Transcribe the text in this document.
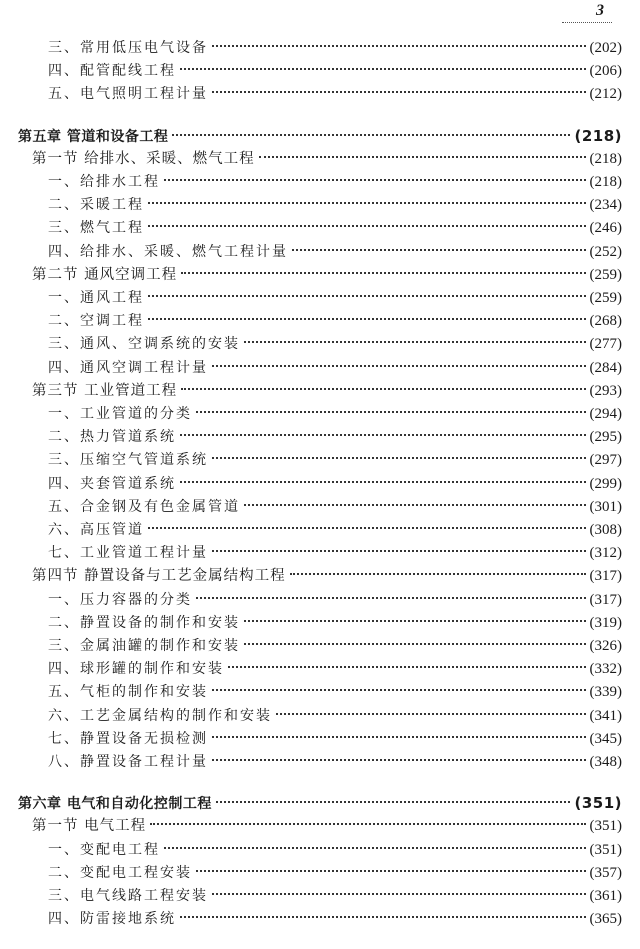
3
三、常用低压电气设备	(202)
四、配管配线工程	(206)
五、电气照明工程计量	(212)
第五章 管道和设备工程	(218)
第一节 给排水、采暖、燃气工程	(218)
一、给排水工程	(218)
二、采暖工程	(234)
三、燃气工程	(246)
四、给排水、采暖、燃气工程计量	(252)
第二节 通风空调工程	(259)
一、通风工程	(259)
二、空调工程	(268)
三、通风、空调系统的安装	(277)
四、通风空调工程计量	(284)
第三节 工业管道工程	(293)
一、工业管道的分类	(294)
二、热力管道系统	(295)
三、压缩空气管道系统	(297)
四、夹套管道系统	(299)
五、合金钢及有色金属管道	(301)
六、高压管道	(308)
七、工业管道工程计量	(312)
第四节 静置设备与工艺金属结构工程	(317)
一、压力容器的分类	(317)
二、静置设备的制作和安装	(319)
三、金属油罐的制作和安装	(326)
四、球形罐的制作和安装	(332)
五、气柜的制作和安装	(339)
六、工艺金属结构的制作和安装	(341)
七、静置设备无损检测	(345)
八、静置设备工程计量	(348)
第六章 电气和自动化控制工程	(351)
第一节 电气工程	(351)
一、变配电工程	(351)
二、变配电工程安装	(357)
三、电气线路工程安装	(361)
四、防雷接地系统	(365)
